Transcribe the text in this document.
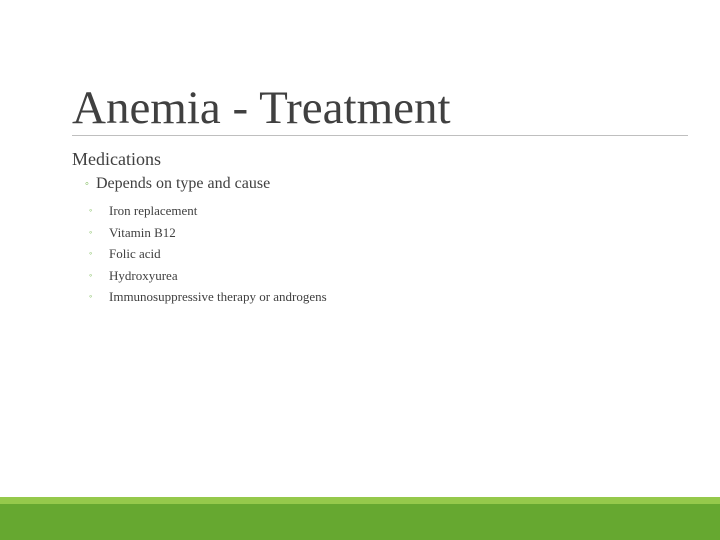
Anemia - Treatment
Medications
◦ Depends on type and cause
◦	Iron replacement
◦	Vitamin B12
◦	Folic acid
◦	Hydroxyurea
◦	Immunosuppressive therapy or androgens
